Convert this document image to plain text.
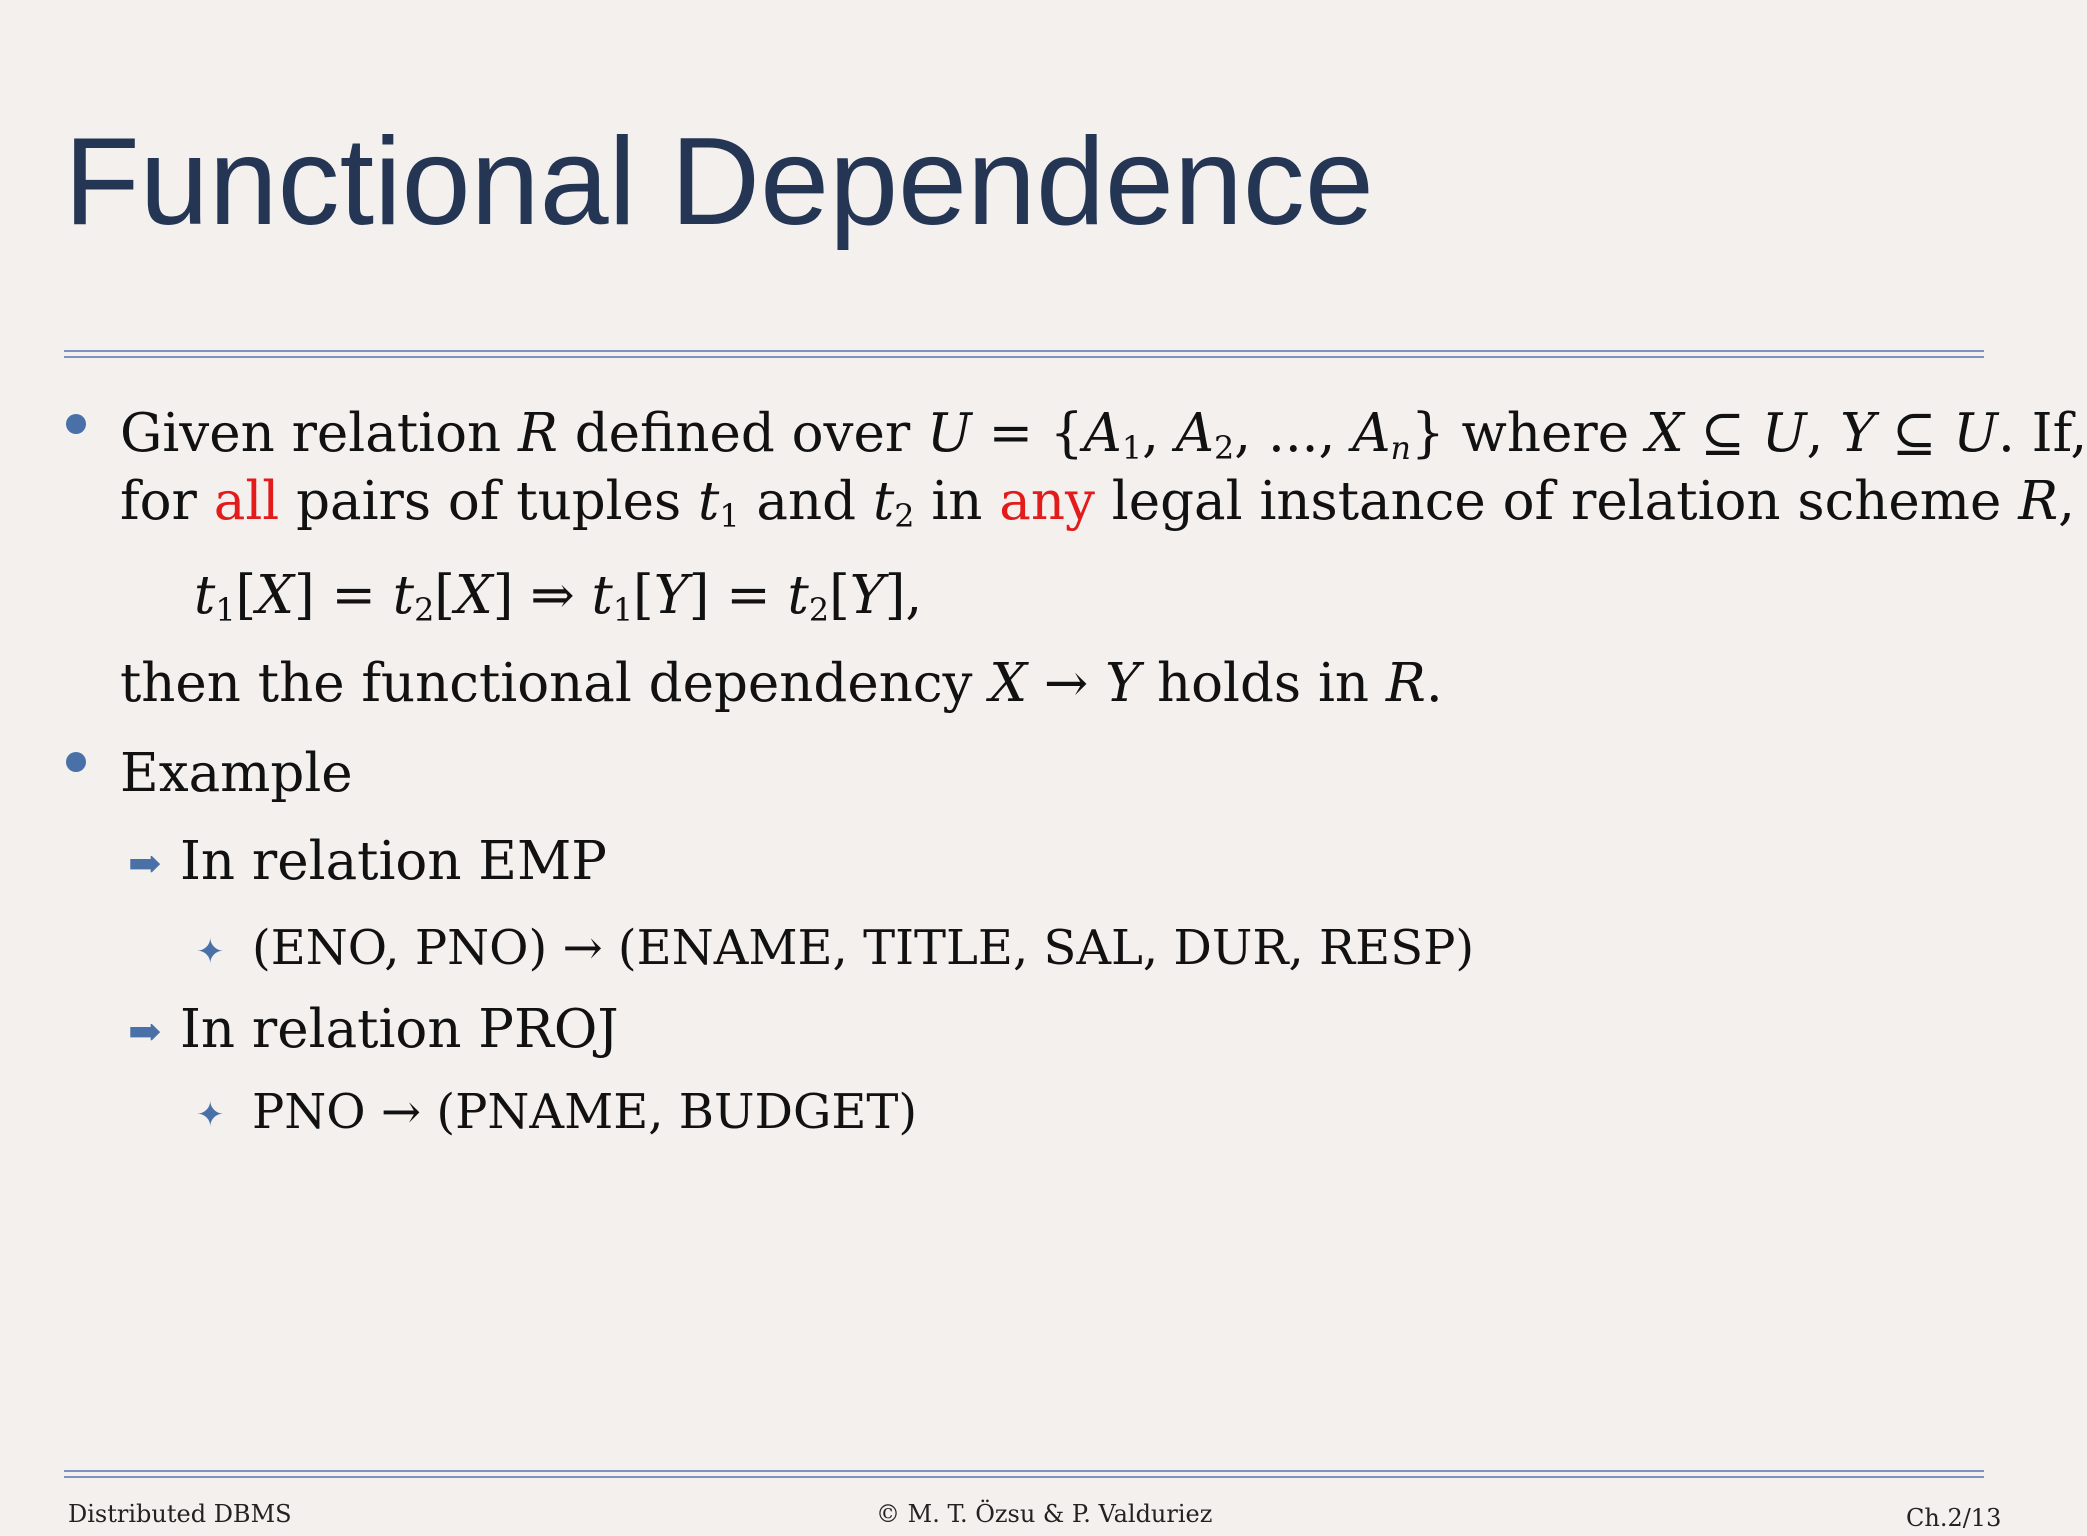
Functional Dependence
Given relation R defined over $U = \{A_1$, $A_2$, ..., $A_n$} where X ⊆ U, Y ⊆ U. If,
for all pairs of tuples $t_1$ and $t_2$ in any legal instance of relation scheme R,
$t_1[X] = t_2[X]$ ⇒ $t_1[Y] = t_2[Y]$,
then the functional dependency X → Y holds in R.
Example
➡ In relation EMP
✦ (ENO, PNO) → (ENAME, TITLE, SAL, DUR, RESP)
➡ In relation PROJ
✦ PNO → (PNAME, BUDGET)
Distributed DBMS	© M. T. Özsu & P. Valduriez	Ch.2/13
